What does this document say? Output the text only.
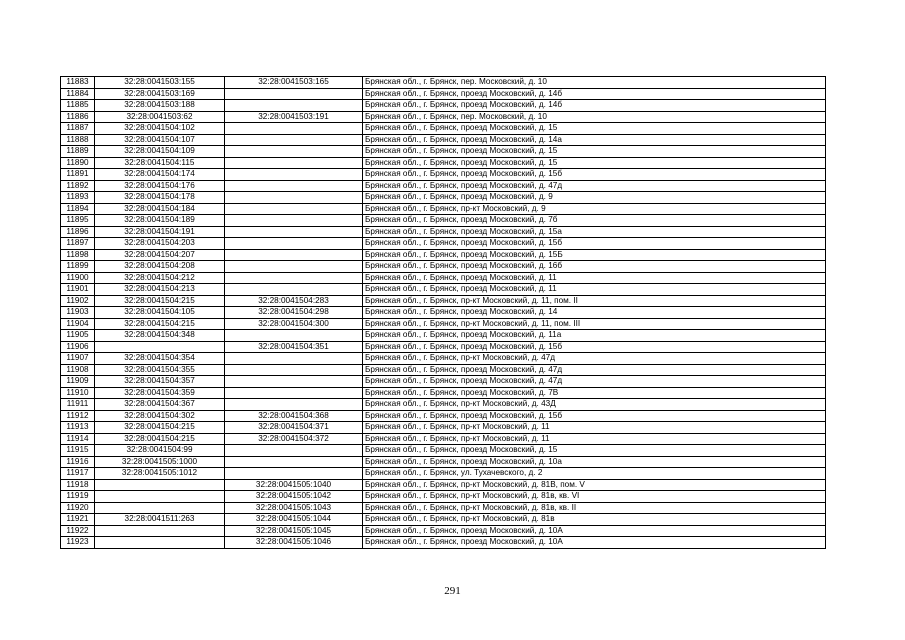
11883	32:28:0041503:155	32:28:0041503:165	Брянская обл., г. Брянск, пер. Московский, д. 10
11884	32:28:0041503:169		Брянская обл., г. Брянск, проезд Московский, д. 14б
11885	32:28:0041503:188		Брянская обл., г. Брянск, проезд Московский, д. 14б
11886	32:28:0041503:62	32:28:0041503:191	Брянская обл., г. Брянск, пер. Московский, д. 10
11887	32:28:0041504:102		Брянская обл., г. Брянск, проезд Московский, д. 15
11888	32:28:0041504:107		Брянская обл., г. Брянск, проезд Московский, д. 14а
11889	32:28:0041504:109		Брянская обл., г. Брянск, проезд Московский, д. 15
11890	32:28:0041504:115		Брянская обл., г. Брянск, проезд Московский, д. 15
11891	32:28:0041504:174		Брянская обл., г. Брянск, проезд Московский, д. 15б
11892	32:28:0041504:176		Брянская обл., г. Брянск, проезд Московский, д. 47д
11893	32:28:0041504:178		Брянская обл., г. Брянск, проезд Московский, д. 9
11894	32:28:0041504:184		Брянская обл., г. Брянск, пр-кт Московский, д. 9
11895	32:28:0041504:189		Брянская обл., г. Брянск, проезд Московский, д. 7б
11896	32:28:0041504:191		Брянская обл., г. Брянск, проезд Московский, д. 15а
11897	32:28:0041504:203		Брянская обл., г. Брянск, проезд Московский, д. 15б
11898	32:28:0041504:207		Брянская обл., г. Брянск, проезд Московский, д. 15Б
11899	32:28:0041504:208		Брянская обл., г. Брянск, проезд Московский, д. 16б
11900	32:28:0041504:212		Брянская обл., г. Брянск, проезд Московский, д. 11
11901	32:28:0041504:213		Брянская обл., г. Брянск, проезд Московский, д. 11
11902	32:28:0041504:215	32:28:0041504:283	Брянская обл., г. Брянск, пр-кт Московский, д. 11, пом. II
11903	32:28:0041504:105	32:28:0041504:298	Брянская обл., г. Брянск, проезд Московский, д. 14
11904	32:28:0041504:215	32:28:0041504:300	Брянская обл., г. Брянск, пр-кт Московский, д. 11, пом. III
11905	32:28:0041504:348		Брянская обл., г. Брянск, проезд Московский, д. 11а
11906		32:28:0041504:351	Брянская обл., г. Брянск, проезд Московский, д. 15б
11907	32:28:0041504:354		Брянская обл., г. Брянск, пр-кт Московский, д. 47д
11908	32:28:0041504:355		Брянская обл., г. Брянск, проезд Московский, д. 47д
11909	32:28:0041504:357		Брянская обл., г. Брянск, проезд Московский, д. 47д
11910	32:28:0041504:359		Брянская обл., г. Брянск, проезд Московский, д. 7В
11911	32:28:0041504:367		Брянская обл., г. Брянск, пр-кт Московский, д. 43Д
11912	32:28:0041504:302	32:28:0041504:368	Брянская обл., г. Брянск, проезд Московский, д. 15б
11913	32:28:0041504:215	32:28:0041504:371	Брянская обл., г. Брянск, пр-кт Московский, д. 11
11914	32:28:0041504:215	32:28:0041504:372	Брянская обл., г. Брянск, пр-кт Московский, д. 11
11915	32:28:0041504:99		Брянская обл., г. Брянск, проезд Московский, д. 15
11916	32:28:0041505:1000		Брянская обл., г. Брянск, проезд Московский, д. 10а
11917	32:28:0041505:1012		Брянская обл., г. Брянск, ул. Тухачевского, д. 2
11918		32:28:0041505:1040	Брянская обл., г. Брянск, пр-кт Московский, д. 81В, пом. V
11919		32:28:0041505:1042	Брянская обл., г. Брянск, пр-кт Московский, д. 81в, кв. VI
11920		32:28:0041505:1043	Брянская обл., г. Брянск, пр-кт Московский, д. 81в, кв. II
11921	32:28:0041511:263	32:28:0041505:1044	Брянская обл., г. Брянск, пр-кт Московский, д. 81в
11922		32:28:0041505:1045	Брянская обл., г. Брянск, проезд Московский, д. 10А
11923		32:28:0041505:1046	Брянская обл., г. Брянск, проезд Московский, д. 10А
291
